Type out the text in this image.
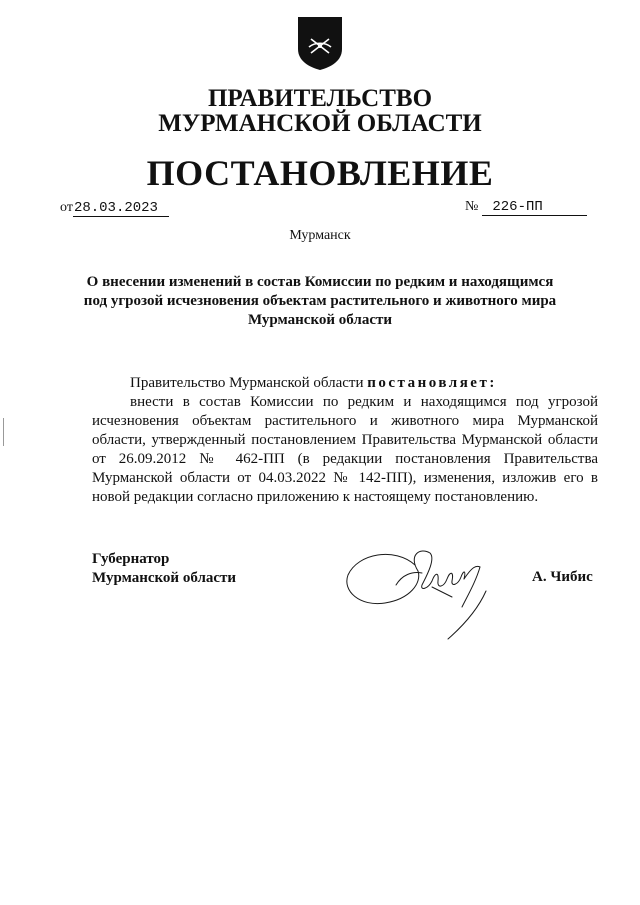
ПРАВИТЕЛЬСТВО
МУРМАНСКОЙ ОБЛАСТИ
ПОСТАНОВЛЕНИЕ
от28.03.2023	№ 226-ПП
Мурманск
О внесении изменений в состав Комиссии по редким и находящимся
под угрозой исчезновения объектам растительного и животного мира
Мурманской области

Правительство Мурманской области постановляет:

внести в состав Комиссии по редким и находящимся под угрозой исчезновения объектам растительного и животного мира Мурманской области, утвержденный постановлением Правительства Мурманской области от 26.09.2012 № 462-ПП (в редакции постановления Правительства Мурманской области от 04.03.2022 № 142-ПП), изменения, изложив его в новой редакции согласно приложению к настоящему постановлению.

Губернатор
Мурманской области	А. Чибис
